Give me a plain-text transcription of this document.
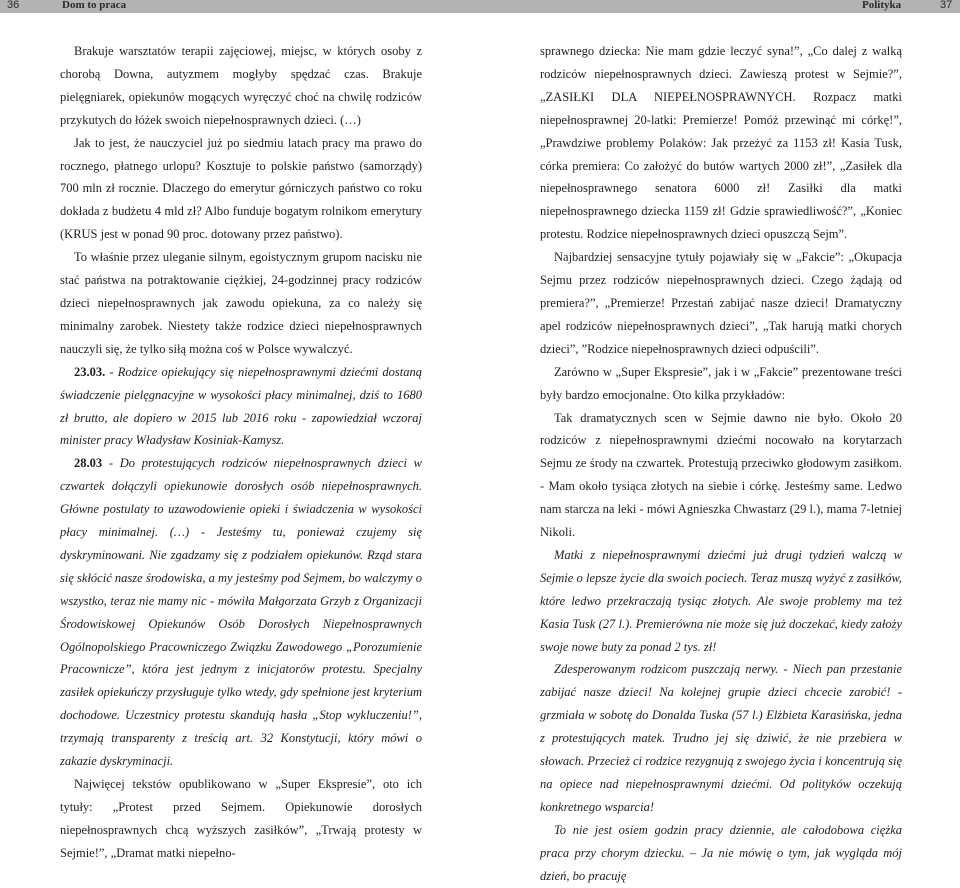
36	Dom to praca	Polityka	37

Brakuje warsztatów terapii zajęciowej, miejsc, w których osoby z chorobą Downa, autyzmem mogłyby spędzać czas. Brakuje pielęgniarek, opiekunów mogących wyręczyć choć na chwilę rodziców przykutych do łóżek swoich niepełnosprawnych dzieci. (…)

Jak to jest, że nauczyciel już po siedmiu latach pracy ma prawo do rocznego, płatnego urlopu? Kosztuje to polskie państwo (samorządy) 700 mln zł rocznie. Dlaczego do emerytur górniczych państwo co roku dokłada z budżetu 4 mld zł? Albo funduje bogatym rolnikom emerytury (KRUS jest w ponad 90 proc. dotowany przez państwo).

To właśnie przez uleganie silnym, egoistycznym grupom nacisku nie stać państwa na potraktowanie ciężkiej, 24-godzinnej pracy rodziców dzieci niepełnosprawnych jak zawodu opiekuna, za co należy się minimalny zarobek. Niestety także rodzice dzieci niepełnosprawnych nauczyli się, że tylko siłą można coś w Polsce wywalczyć.

23.03. - Rodzice opiekujący się niepełnosprawnymi dziećmi dostaną świadczenie pielęgnacyjne w wysokości płacy minimalnej, dziś to 1680 zł brutto, ale dopiero w 2015 lub 2016 roku - zapowiedział wczoraj minister pracy Władysław Kosiniak-Kamysz.

28.03 - Do protestujących rodziców niepełnosprawnych dzieci w czwartek dołączyli opiekunowie dorosłych osób niepełnosprawnych. Główne postulaty to uzawodowienie opieki i świadczenia w wysokości płacy minimalnej. (…) - Jesteśmy tu, ponieważ czujemy się dyskryminowani. Nie zgadzamy się z podziałem opiekunów. Rząd stara się skłócić nasze środowiska, a my jesteśmy pod Sejmem, bo walczymy o wszystko, teraz nie mamy nic - mówiła Małgorzata Grzyb z Organizacji Środowiskowej Opiekunów Osób Dorosłych Niepełnosprawnych Ogólnopolskiego Pracowniczego Związku Zawodowego „Porozumienie Pracownicze”, która jest jednym z inicjatorów protestu. Specjalny zasiłek opiekuńczy przysługuje tylko wtedy, gdy spełnione jest kryterium dochodowe. Uczestnicy protestu skandują hasła „Stop wykluczeniu!”, trzymają transparenty z treścią art. 32 Konstytucji, który mówi o zakazie dyskryminacji.

Najwięcej tekstów opublikowano w „Super Ekspresie”, oto ich tytuły: „Protest przed Sejmem. Opiekunowie dorosłych niepełnosprawnych chcą wyższych zasiłków”, „Trwają protesty w Sejmie!”, „Dramat matki niepełno-

sprawnego dziecka: Nie mam gdzie leczyć syna!”, „Co dalej z walką rodziców niepełnosprawnych dzieci. Zawieszą protest w Sejmie?”, „ZASIŁKI DLA NIEPEŁNOSPRAWNYCH. Rozpacz matki niepełnosprawnej 20-latki: Premierze! Pomóż przewinąć mi córkę!”, „Prawdziwe problemy Polaków: Jak przeżyć za 1153 zł! Kasia Tusk, córka premiera: Co założyć do butów wartych 2000 zł!”, „Zasiłek dla niepełnosprawnego senatora 6000 zł! Zasiłki dla matki niepełnosprawnego dziecka 1159 zł! Gdzie sprawiedliwość?”, „Koniec protestu. Rodzice niepełnosprawnych dzieci opuszczą Sejm”.

Najbardziej sensacyjne tytuły pojawiały się w „Fakcie”: „Okupacja Sejmu przez rodziców niepełnosprawnych dzieci. Czego żądają od premiera?”, „Premierze! Przestań zabijać nasze dzieci! Dramatyczny apel rodziców niepełnosprawnych dzieci”, „Tak harują matki chorych dzieci”, ”Rodzice niepełnosprawnych dzieci odpuścili”.

Zarówno w „Super Ekspresie”, jak i w „Fakcie” prezentowane treści były bardzo emocjonalne. Oto kilka przykładów:

Tak dramatycznych scen w Sejmie dawno nie było. Około 20 rodziców z niepełnosprawnymi dziećmi nocowało na korytarzach Sejmu ze środy na czwartek. Protestują przeciwko głodowym zasiłkom. - Mam około tysiąca złotych na siebie i córkę. Jesteśmy same. Ledwo nam starcza na leki - mówi Agnieszka Chwastarz (29 l.), mama 7-letniej Nikoli.

Matki z niepełnosprawnymi dziećmi już drugi tydzień walczą w Sejmie o lepsze życie dla swoich pociech. Teraz muszą wyżyć z zasiłków, które ledwo przekraczają tysiąc złotych. Ale swoje problemy ma też Kasia Tusk (27 l.). Premierówna nie może się już doczekać, kiedy założy swoje nowe buty za ponad 2 tys. zł!

Zdesperowanym rodzicom puszczają nerwy. - Niech pan przestanie zabijać nasze dzieci! Na kolejnej grupie dzieci chcecie zarobić! - grzmiała w sobotę do Donalda Tuska (57 l.) Elżbieta Karasińska, jedna z protestujących matek. Trudno jej się dziwić, że nie przebiera w słowach. Przecież ci rodzice rezygnują z swojego życia i koncentrują się na opiece nad niepełnosprawnymi dziećmi. Od polityków oczekują konkretnego wsparcia!

To nie jest osiem godzin pracy dziennie, ale całodobowa ciężka praca przy chorym dziecku. – Ja nie mówię o tym, jak wygląda mój dzień, bo pracuję
